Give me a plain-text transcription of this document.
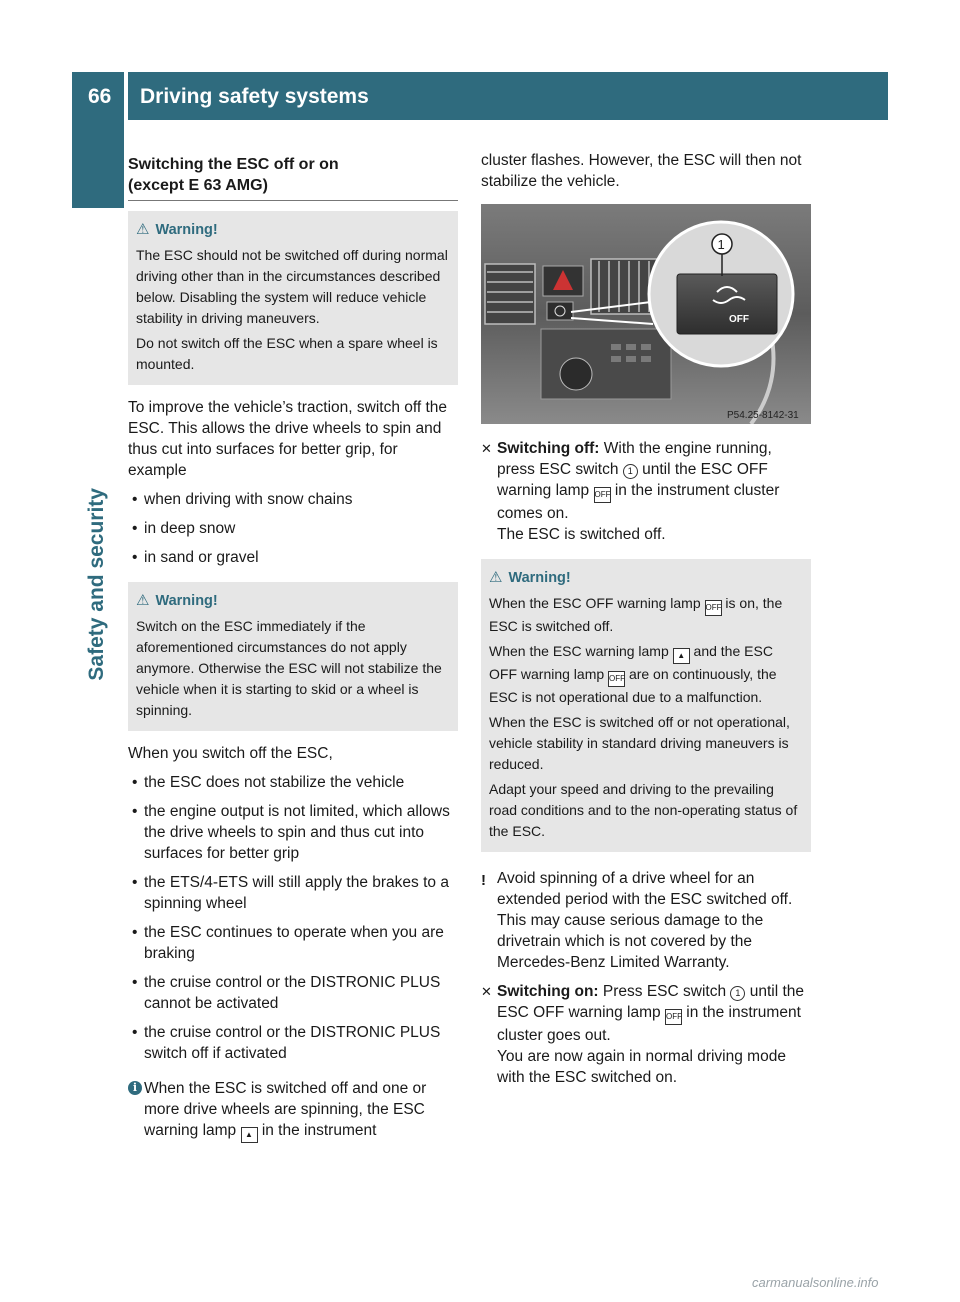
66 Driving safety systems
Safety and security
Switching the ESC off or on
(except E 63 AMG)
⚠ Warning!
The ESC should not be switched off during normal driving other than in the circumstances described below. Disabling the system will reduce vehicle stability in driving maneuvers.
Do not switch off the ESC when a spare wheel is mounted.
To improve the vehicle’s traction, switch off the ESC. This allows the drive wheels to spin and thus cut into surfaces for better grip, for example
• when driving with snow chains
• in deep snow
• in sand or gravel
⚠ Warning!
Switch on the ESC immediately if the aforementioned circumstances do not apply anymore. Otherwise the ESC will not stabilize the vehicle when it is starting to skid or a wheel is spinning.
When you switch off the ESC,
• the ESC does not stabilize the vehicle
• the engine output is not limited, which allows the drive wheels to spin and thus cut into surfaces for better grip
• the ETS/4-ETS will still apply the brakes to a spinning wheel
• the ESC continues to operate when you are braking
• the cruise control or the DISTRONIC PLUS cannot be activated
• the cruise control or the DISTRONIC PLUS switch off if activated
i When the ESC is switched off and one or more drive wheels are spinning, the ESC warning lamp ▲ in the instrument
cluster flashes. However, the ESC will then not stabilize the vehicle.
OFF
1
P54.25-8142-31
✕ Switching off: With the engine running, press ESC switch 1 until the ESC OFF warning lamp OFF in the instrument cluster comes on.
The ESC is switched off.
⚠ Warning!
When the ESC OFF warning lamp OFF is on, the ESC is switched off.
When the ESC warning lamp ▲ and the ESC OFF warning lamp OFF are on continuously, the ESC is not operational due to a malfunction.
When the ESC is switched off or not operational, vehicle stability in standard driving maneuvers is reduced.
Adapt your speed and driving to the prevailing road conditions and to the non-operating status of the ESC.
! Avoid spinning of a drive wheel for an extended period with the ESC switched off. This may cause serious damage to the drivetrain which is not covered by the Mercedes-Benz Limited Warranty.
✕ Switching on: Press ESC switch 1 until the ESC OFF warning lamp OFF in the instrument cluster goes out.
You are now again in normal driving mode with the ESC switched on.
carmanualsonline.info
